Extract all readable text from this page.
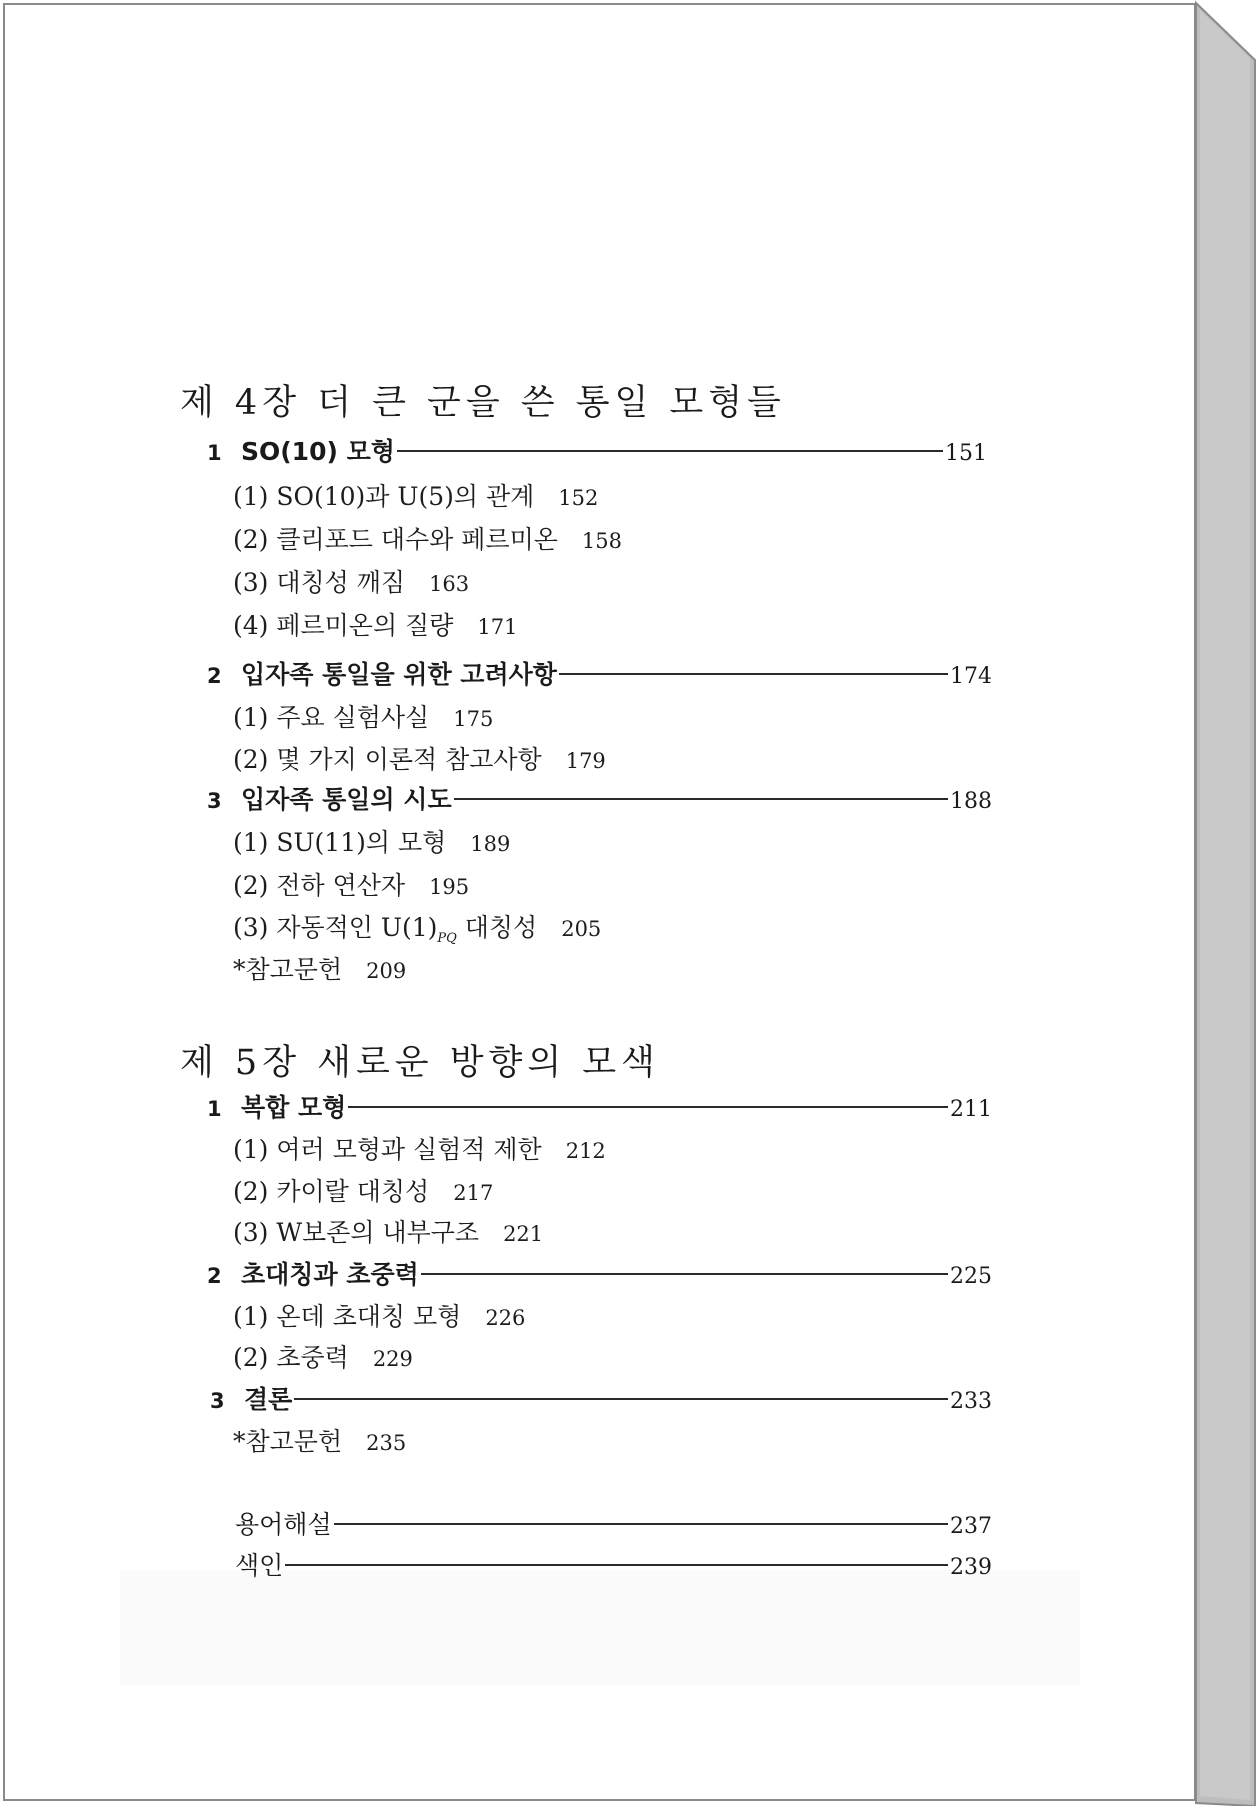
제 4장 더 큰 군을 쓴 통일 모형들
1 SO(10) 모형	151
(1) SO(10)과 U(5)의 관계 152
(2) 클리포드 대수와 페르미온 158
(3) 대칭성 깨짐 163
(4) 페르미온의 질량 171
2 입자족 통일을 위한 고려사항	174
(1) 주요 실험사실 175
(2) 몇 가지 이론적 참고사항 179
3 입자족 통일의 시도	188
(1) SU(11)의 모형 189
(2) 전하 연산자 195
(3) 자동적인 $U(1)_{PQ}$ 대칭성 205
*참고문헌 209
제 5장 새로운 방향의 모색
1 복합 모형	211
(1) 여러 모형과 실험적 제한 212
(2) 카이랄 대칭성 217
(3) W보존의 내부구조 221
2 초대칭과 초중력	225
(1) 온데 초대칭 모형 226
(2) 초중력 229
3 결론	233
*참고문헌 235
용어해설	237
색인	239
